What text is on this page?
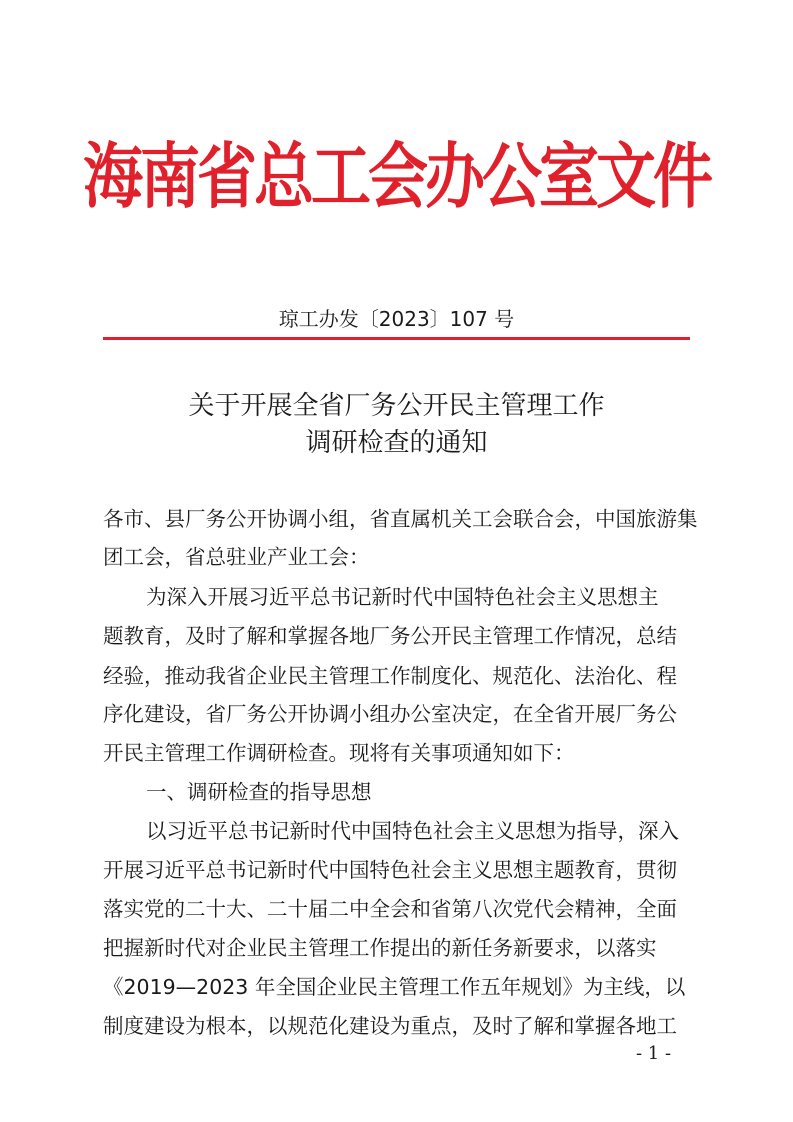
海南省总工会办公室文件
琼工办发〔2023〕107 号
关于开展全省厂务公开民主管理工作
调研检查的通知
各市、县厂务公开协调小组，省直属机关工会联合会，中国旅游集
团工会，省总驻业产业工会：
为深入开展习近平总书记新时代中国特色社会主义思想主
题教育，及时了解和掌握各地厂务公开民主管理工作情况，总结
经验，推动我省企业民主管理工作制度化、规范化、法治化、程
序化建设，省厂务公开协调小组办公室决定，在全省开展厂务公
开民主管理工作调研检查。现将有关事项通知如下：
一、调研检查的指导思想
以习近平总书记新时代中国特色社会主义思想为指导，深入
开展习近平总书记新时代中国特色社会主义思想主题教育，贯彻
落实党的二十大、二十届二中全会和省第八次党代会精神，全面
把握新时代对企业民主管理工作提出的新任务新要求，以落实
《2019—2023 年全国企业民主管理工作五年规划》为主线，以
制度建设为根本，以规范化建设为重点，及时了解和掌握各地工
- 1 -
